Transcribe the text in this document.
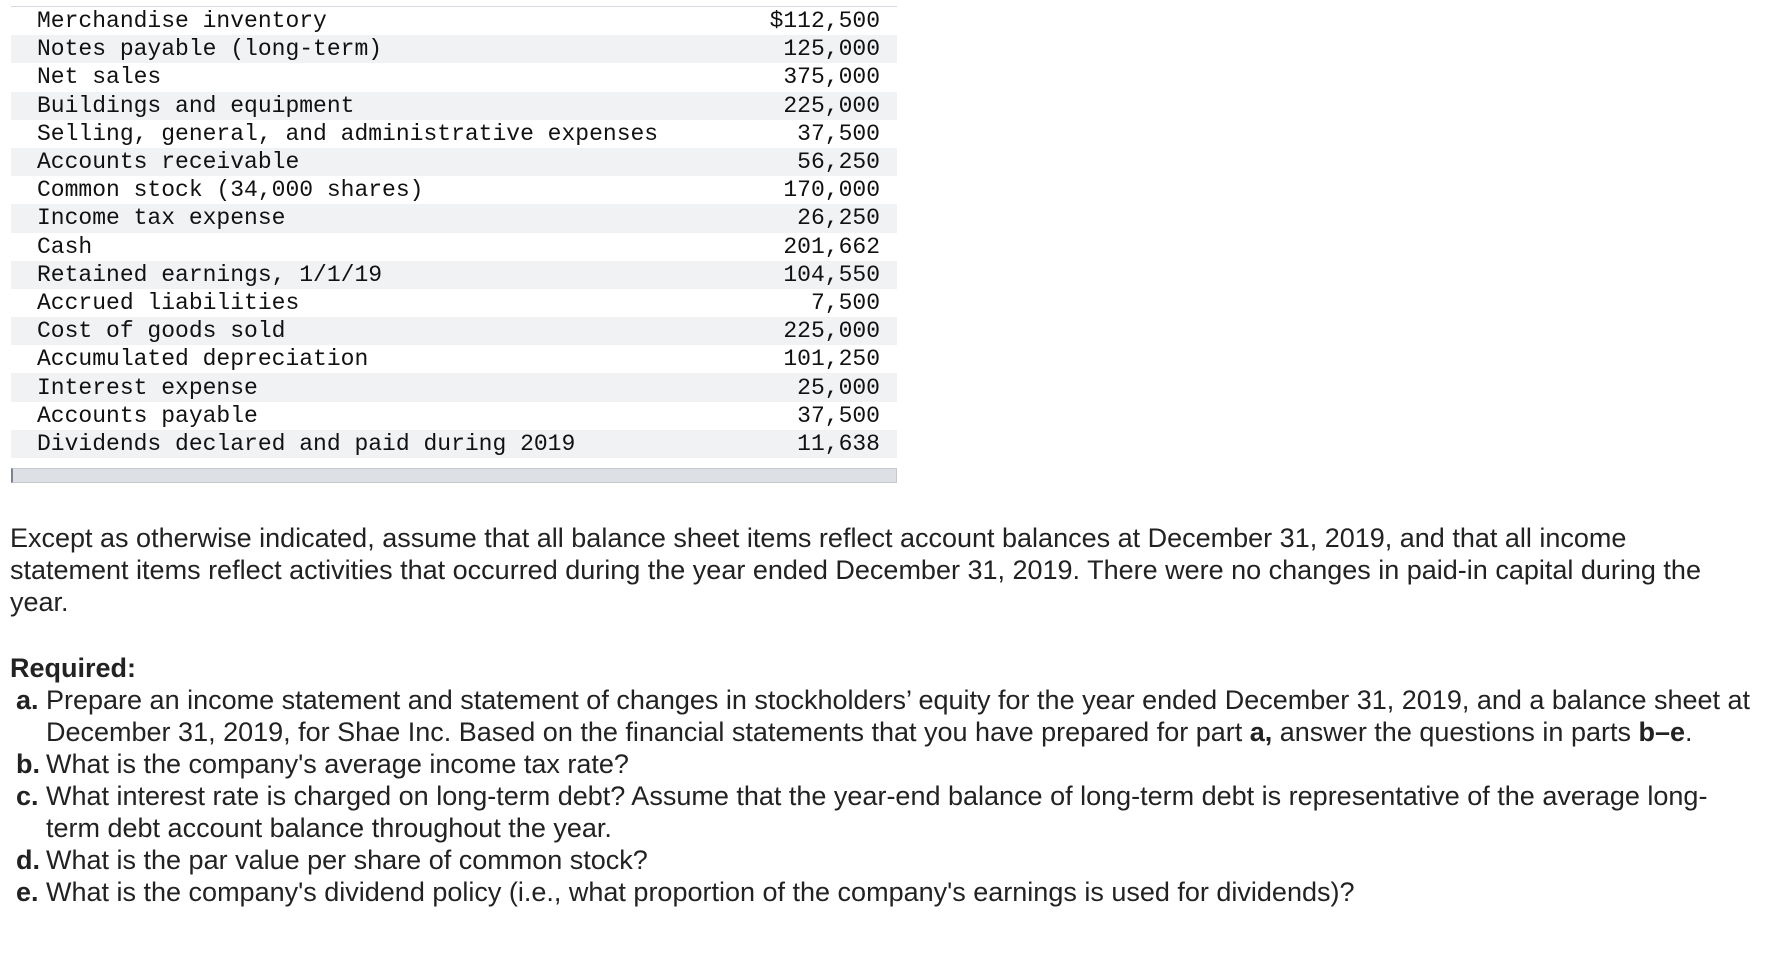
Merchandise inventory	$112,500
Notes payable (long-term)	125,000
Net sales	375,000
Buildings and equipment	225,000
Selling, general, and administrative expenses	37,500
Accounts receivable	56,250
Common stock (34,000 shares)	170,000
Income tax expense	26,250
Cash	201,662
Retained earnings, 1/1/19	104,550
Accrued liabilities	7,500
Cost of goods sold	225,000
Accumulated depreciation	101,250
Interest expense	25,000
Accounts payable	37,500
Dividends declared and paid during 2019	11,638

Except as otherwise indicated, assume that all balance sheet items reflect account balances at December 31, 2019, and that all income statement items reflect activities that occurred during the year ended December 31, 2019. There were no changes in paid-in capital during the year.

Required:
a. Prepare an income statement and statement of changes in stockholders’ equity for the year ended December 31, 2019, and a balance sheet at December 31, 2019, for Shae Inc. Based on the financial statements that you have prepared for part a, answer the questions in parts b–e.
b. What is the company's average income tax rate?
c. What interest rate is charged on long-term debt? Assume that the year-end balance of long-term debt is representative of the average long-term debt account balance throughout the year.
d. What is the par value per share of common stock?
e. What is the company's dividend policy (i.e., what proportion of the company's earnings is used for dividends)?
